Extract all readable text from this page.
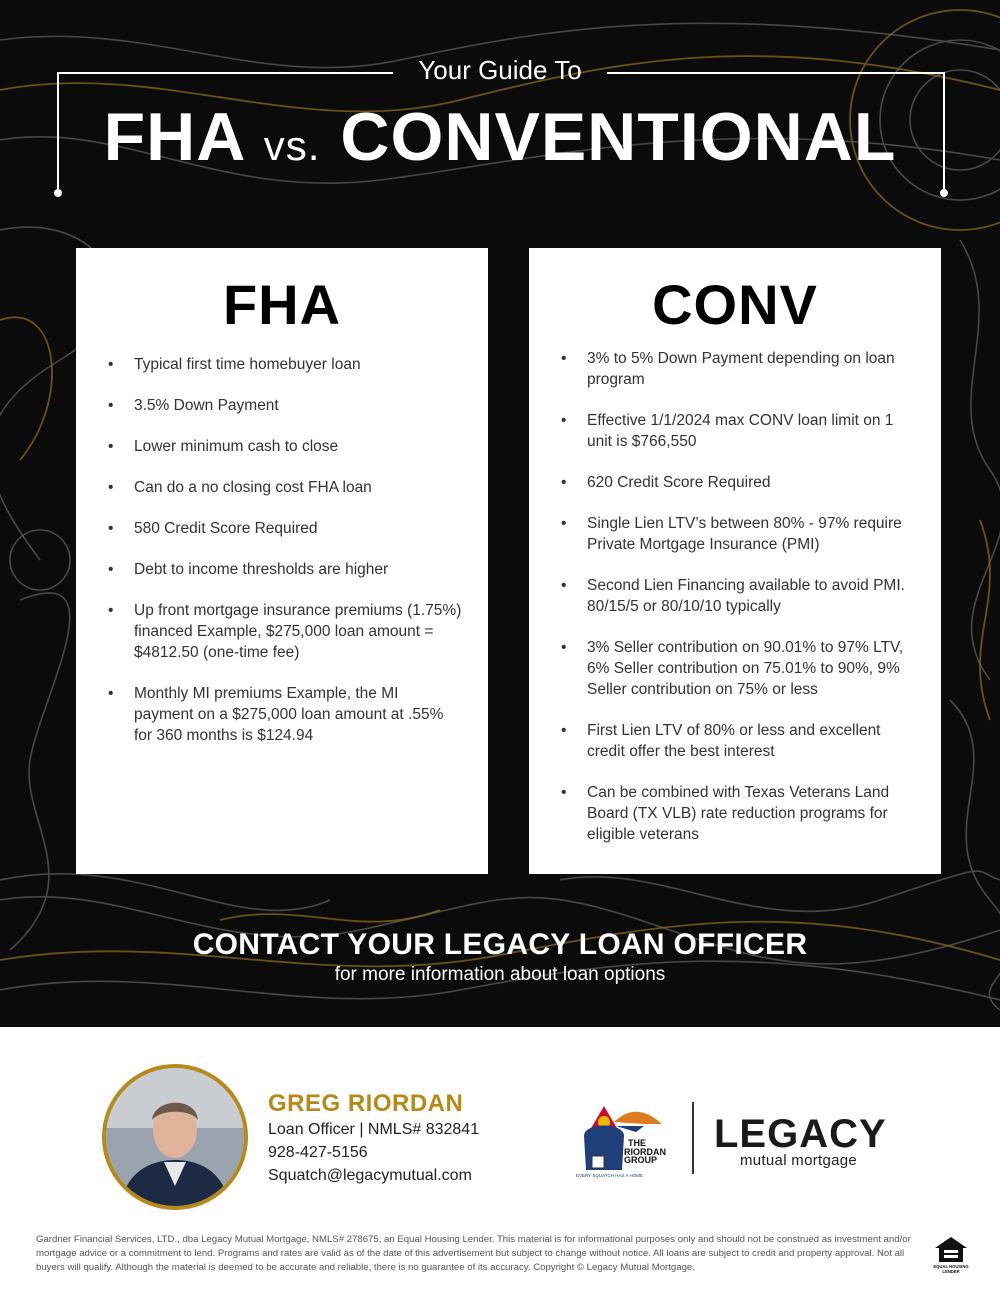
Your Guide To
FHA vs. CONVENTIONAL
FHA
• Typical first time homebuyer loan
• 3.5% Down Payment
• Lower minimum cash to close
• Can do a no closing cost FHA loan
• 580 Credit Score Required
• Debt to income thresholds are higher
• Up front mortgage insurance premiums (1.75%) financed Example, $275,000 loan amount = $4812.50 (one-time fee)
• Monthly MI premiums Example, the MI payment on a $275,000 loan amount at .55% for 360 months is $124.94
CONV
• 3% to 5% Down Payment depending on loan program
• Effective 1/1/2024 max CONV loan limit on 1 unit is $766,550
• 620 Credit Score Required
• Single Lien LTV’s between 80% - 97% require Private Mortgage Insurance (PMI)
• Second Lien Financing available to avoid PMI. 80/15/5 or 80/10/10 typically
• 3% Seller contribution on 90.01% to 97% LTV, 6% Seller contribution on 75.01% to 90%, 9% Seller contribution on 75% or less
• First Lien LTV of 80% or less and excellent credit offer the best interest
• Can be combined with Texas Veterans Land Board (TX VLB) rate reduction programs for eligible veterans
CONTACT YOUR LEGACY LOAN OFFICER
for more information about loan options
GREG RIORDAN
Loan Officer | NMLS# 832841
928-427-5156
Squatch@legacymutual.com
THE
RIORDAN
GROUP
EVERY SQUATCH HAS A HOME
LEGACY
mutual mortgage
Gardner Financial Services, LTD., dba Legacy Mutual Mortgage, NMLS# 278675, an Equal Housing Lender. This material is for informational purposes only and should not be construed as investment and/or mortgage advice or a commitment to lend. Programs and rates are valid as of the date of this advertisement but subject to change without notice. All loans are subject to credit and property approval. Not all buyers will qualify. Although the material is deemed to be accurate and reliable, there is no guarantee of its accuracy. Copyright © Legacy Mutual Mortgage.	EQUAL HOUSING
LENDER
